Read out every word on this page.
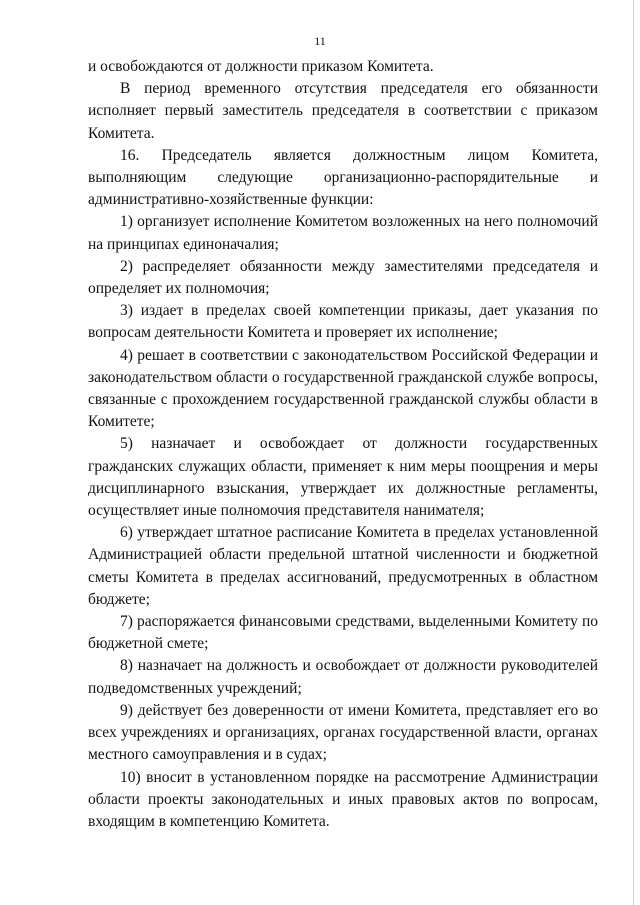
11

и освобождаются от должности приказом Комитета.

В период временного отсутствия председателя его обязанности исполняет первый заместитель председателя в соответствии с приказом Комитета.

16. Председатель является должностным лицом Комитета, выполняющим следующие организационно-распорядительные и административно-хозяйственные функции:

1) организует исполнение Комитетом возложенных на него полномочий на принципах единоначалия;

2) распределяет обязанности между заместителями председателя и определяет их полномочия;

3) издает в пределах своей компетенции приказы, дает указания по вопросам деятельности Комитета и проверяет их исполнение;

4) решает в соответствии с законодательством Российской Федерации и законодательством области о государственной гражданской службе вопросы, связанные с прохождением государственной гражданской службы области в Комитете;

5) назначает и освобождает от должности государственных гражданских служащих области, применяет к ним меры поощрения и меры дисциплинарного взыскания, утверждает их должностные регламенты, осуществляет иные полномочия представителя нанимателя;

6) утверждает штатное расписание Комитета в пределах установленной Администрацией области предельной штатной численности и бюджетной сметы Комитета в пределах ассигнований, предусмотренных в областном бюджете;

7) распоряжается финансовыми средствами, выделенными Комитету по бюджетной смете;

8) назначает на должность и освобождает от должности руководителей подведомственных учреждений;

9) действует без доверенности от имени Комитета, представляет его во всех учреждениях и организациях, органах государственной власти, органах местного самоуправления и в судах;

10) вносит в установленном порядке на рассмотрение Администрации области проекты законодательных и иных правовых актов по вопросам, входящим в компетенцию Комитета.
